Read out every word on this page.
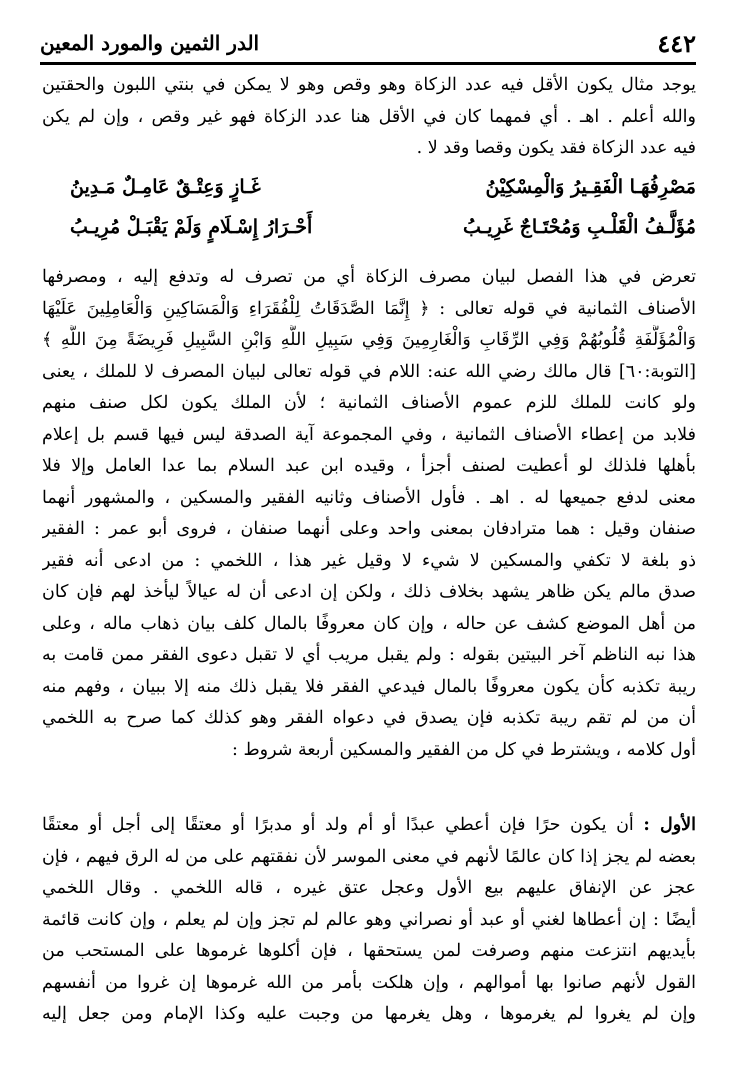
٤٤٢
الدر الثمين والمورد المعين
يوجد مثال يكون الأقل فيه عدد الزكاة وهو وقص وهو لا يمكن في بنتي اللبون والحقتين
والله أعلم . اهـ . أي فمهما كان في الأقل هنا عدد الزكاة فهو غير وقص ، وإن لم يكن
فيه عدد الزكاة فقد يكون وقصا وقد لا .
مَصْرِفُهَـا الْفَقِـيرُ وَالْمِسْكِيْنُ
غَـازٍ وَعِتْـقٌ عَامِـلٌ مَـدِينُ
مُؤَلَّـفُ الْقَلْـبِ وَمُحْتَـاجٌ غَرِيـبُ
أَحْـرَارُ إِسْـلَامٍ وَلَمْ يَقْبَـلْ مُرِيـبُ
تعرض في هذا الفصل لبيان مصرف الزكاة أي من تصرف له وتدفع إليه ، ومصرفها
الأصناف الثمانية في قوله تعالى : ﴿ إِنَّمَا الصَّدَقَاتُ لِلْفُقَرَاءِ وَالْمَسَاكِينِ وَالْعَامِلِينَ عَلَيْهَا
وَالْمُؤَلَّفَةِ قُلُوبُهُمْ وَفِي الرِّقَابِ وَالْغَارِمِينَ وَفِي سَبِيلِ اللَّهِ وَابْنِ السَّبِيلِ فَرِيضَةً مِنَ اللَّهِ ﴾
[التوبة:٦٠] قال مالك رضي الله عنه: اللام في قوله تعالى لبيان المصرف لا للملك ، يعنى
ولو كانت للملك للزم عموم الأصناف الثمانية ؛ لأن الملك يكون لكل صنف منهم
فلابد من إعطاء الأصناف الثمانية ، وفي المجموعة آية الصدقة ليس فيها قسم بل إعلام
بأهلها فلذلك لو أعطيت لصنف أجزأ ، وقيده ابن عبد السلام بما عدا العامل وإلا فلا
معنى لدفع جميعها له . اهـ . فأول الأصناف وثانيه الفقير والمسكين ، والمشهور أنهما
صنفان وقيل : هما مترادفان بمعنى واحد وعلى أنهما صنفان ، فروى أبو عمر : الفقير
ذو بلغة لا تكفي والمسكين لا شيء لا وقيل غير هذا ، اللخمي : من ادعى أنه فقير
صدق مالم يكن ظاهر يشهد بخلاف ذلك ، ولكن إن ادعى أن له عيالاً ليأخذ لهم فإن كان
من أهل الموضع كشف عن حاله ، وإن كان معروفًا بالمال كلف بيان ذهاب ماله ، وعلى
هذا نبه الناظم آخر البيتين بقوله : ولم يقبل مريب أي لا تقبل دعوى الفقر ممن قامت به
ريبة تكذبه كأن يكون معروفًا بالمال فيدعي الفقر فلا يقبل ذلك منه إلا ببيان ، وفهم منه
أن من لم تقم ريبة تكذبه فإن يصدق في دعواه الفقر وهو كذلك كما صرح به اللخمي
أول كلامه ، ويشترط في كل من الفقير والمسكين أربعة شروط :
الأول : أن يكون حرًا فإن أعطي عبدًا أو أم ولد أو مدبرًا أو معتقًا إلى أجل أو معتقًا
بعضه لم يجز إذا كان عالمًا لأنهم في معنى الموسر لأن نفقتهم على من له الرق فيهم ، فإن
عجز عن الإنفاق عليهم بيع الأول وعجل عتق غيره ، قاله اللخمي . وقال اللخمي
أيضًا : إن أعطاها لغني أو عبد أو نصراني وهو عالم لم تجز وإن لم يعلم ، وإن كانت قائمة
بأيديهم انتزعت منهم وصرفت لمن يستحقها ، فإن أكلوها غرموها على المستحب من
القول لأنهم صانوا بها أموالهم ، وإن هلكت بأمر من الله غرموها إن غروا من أنفسهم
وإن لم يغروا لم يغرموها ، وهل يغرمها من وجبت عليه وكذا الإمام ومن جعل إليه
